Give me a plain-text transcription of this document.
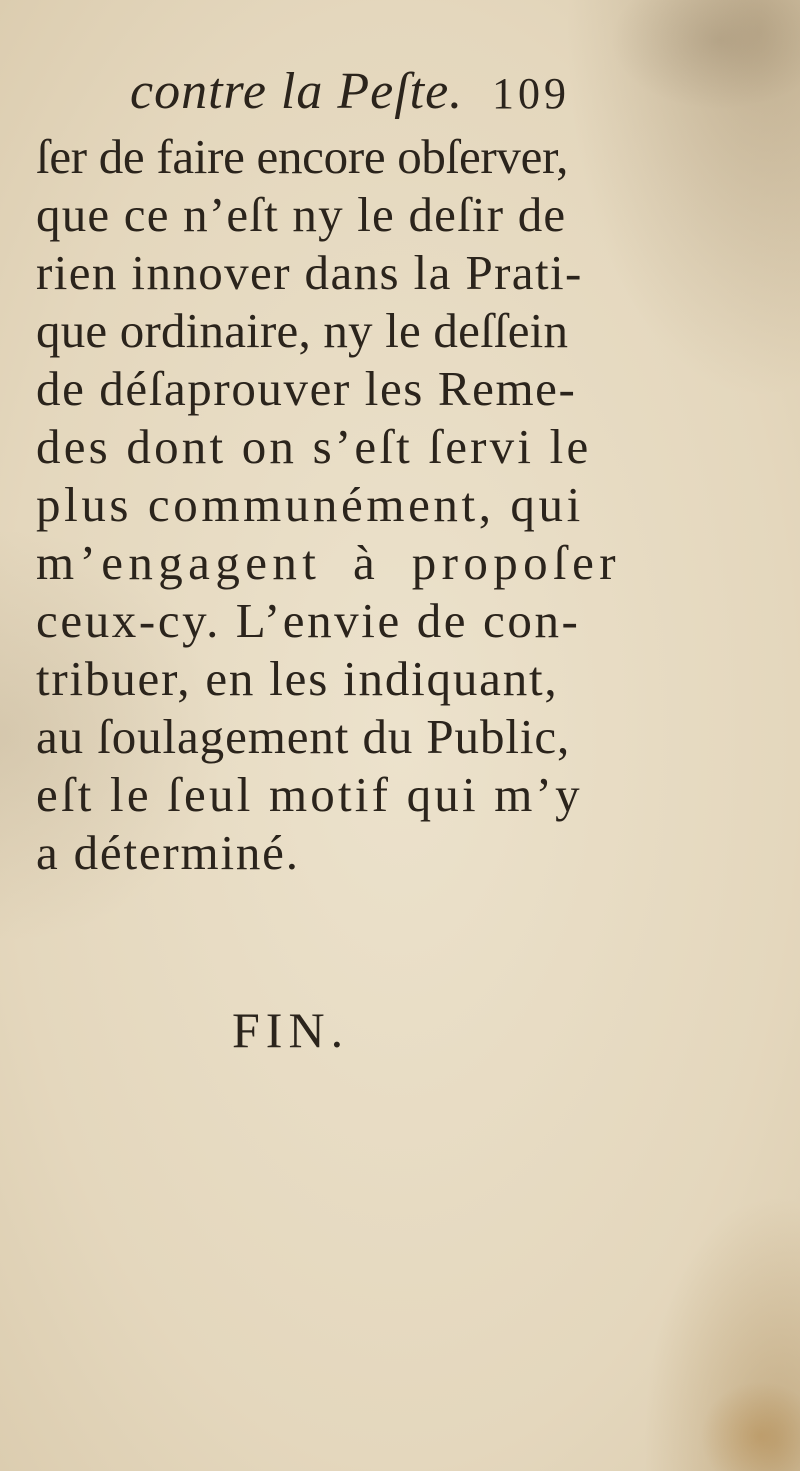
contre la Peſte. 109
ſer de faire encore obſerver,
que ce n’eſt ny le deſir de
rien innover dans la Prati-
que ordinaire, ny le deſſein
de déſaprouver les Reme-
des dont on s’eſt ſervi le
plus communément, qui
m’engagent à propoſer
ceux-cy. L’envie de con-
tribuer, en les indiquant,
au ſoulagement du Public,
eſt le ſeul motif qui m’y
a déterminé.
FIN.
